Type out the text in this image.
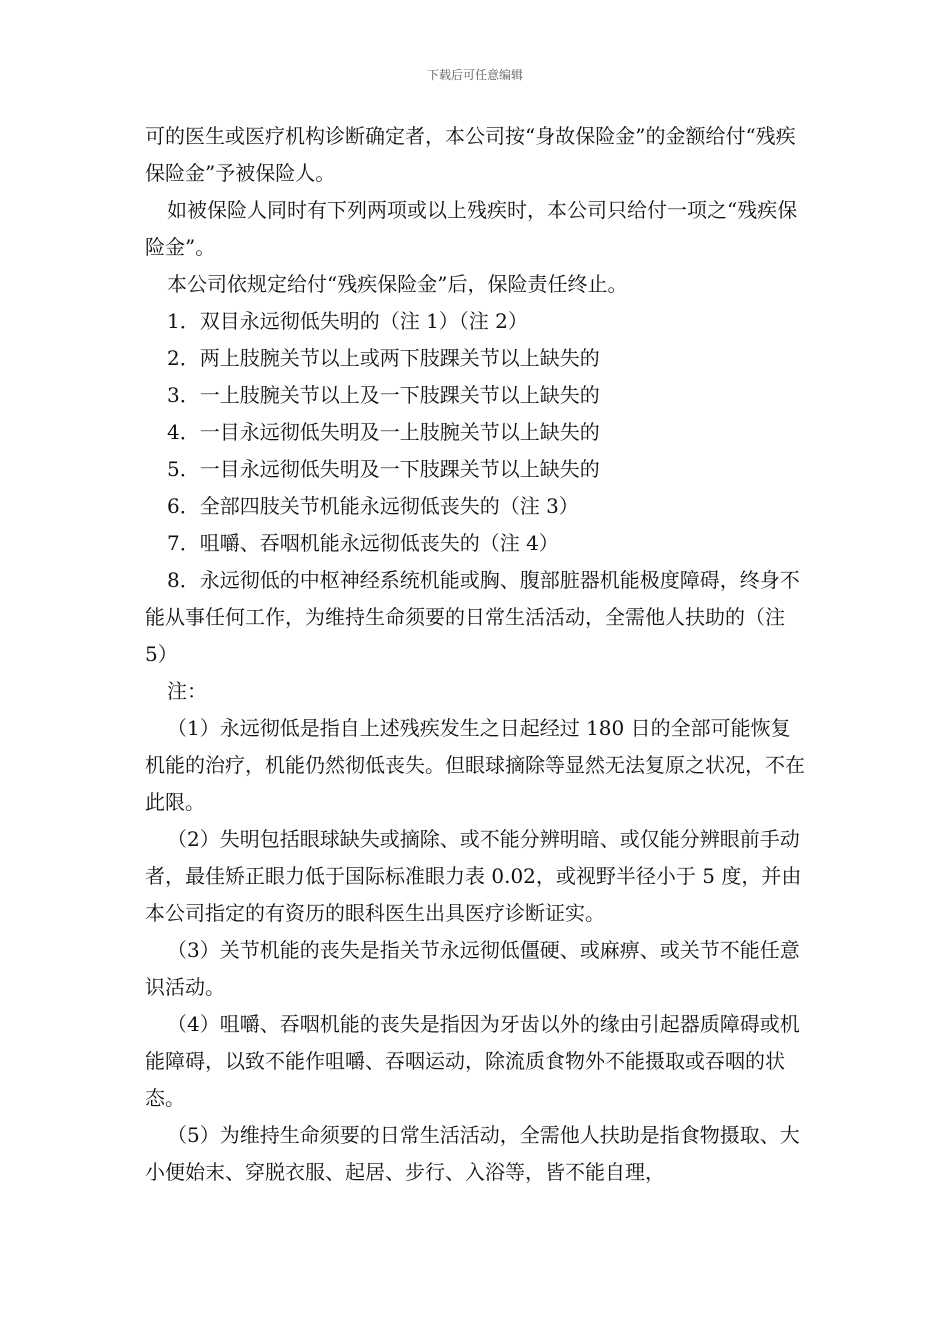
下载后可任意编辑

可的医生或医疗机构诊断确定者，本公司按“身故保险金”的金额给付“残疾保险金”予被保险人。

如被保险人同时有下列两项或以上残疾时，本公司只给付一项之“残疾保险金”。

本公司依规定给付“残疾保险金”后，保险责任终止。

1．双目永远彻低失明的（注 1）（注 2）

2．两上肢腕关节以上或两下肢踝关节以上缺失的

3．一上肢腕关节以上及一下肢踝关节以上缺失的

4．一目永远彻低失明及一上肢腕关节以上缺失的

5．一目永远彻低失明及一下肢踝关节以上缺失的

6．全部四肢关节机能永远彻低丧失的（注 3）

7．咀嚼、吞咽机能永远彻低丧失的（注 4）

8．永远彻低的中枢神经系统机能或胸、腹部脏器机能极度障碍，终身不能从事任何工作，为维持生命须要的日常生活活动，全需他人扶助的（注 5）

注：

（1）永远彻低是指自上述残疾发生之日起经过 180 日的全部可能恢复机能的治疗，机能仍然彻低丧失。但眼球摘除等显然无法复原之状况，不在此限。

（2）失明包括眼球缺失或摘除、或不能分辨明暗、或仅能分辨眼前手动者，最佳矫正眼力低于国际标准眼力表 0.02，或视野半径小于 5 度，并由本公司指定的有资历的眼科医生出具医疗诊断证实。

（3）关节机能的丧失是指关节永远彻低僵硬、或麻痹、或关节不能任意识活动。

（4）咀嚼、吞咽机能的丧失是指因为牙齿以外的缘由引起器质障碍或机能障碍，以致不能作咀嚼、吞咽运动，除流质食物外不能摄取或吞咽的状态。

（5）为维持生命须要的日常生活活动，全需他人扶助是指食物摄取、大小便始末、穿脱衣服、起居、步行、入浴等，皆不能自理，
